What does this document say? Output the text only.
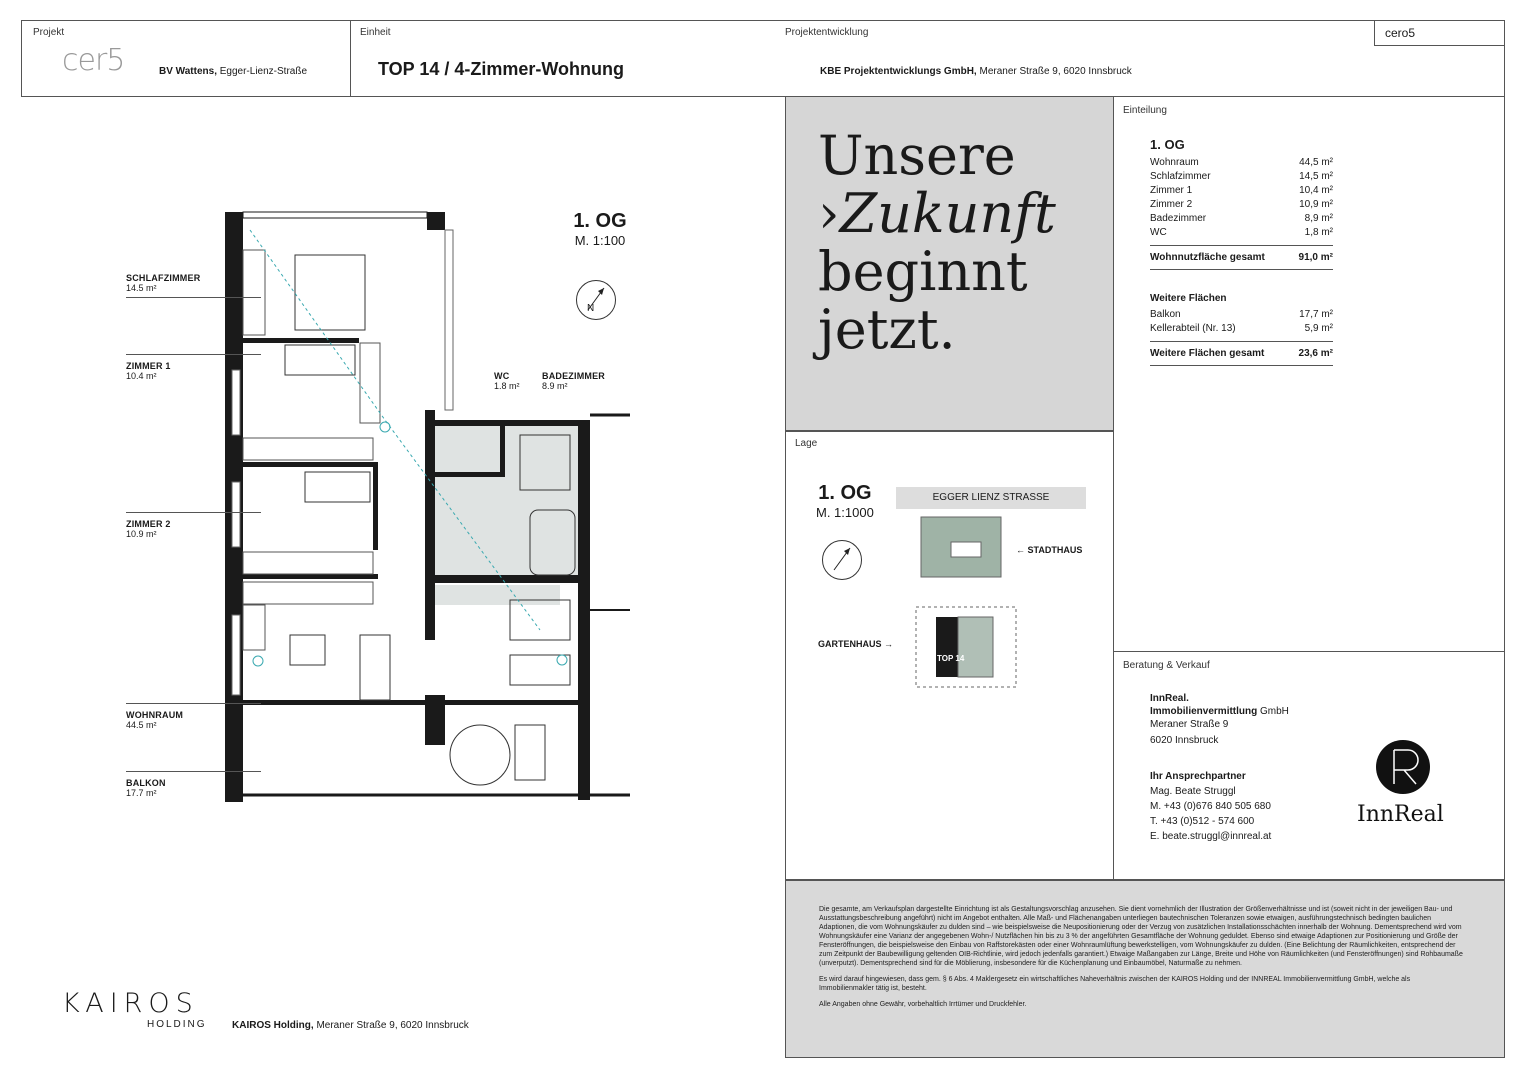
Projekt
cer5	BV Wattens, Egger-Lienz-Straße
Einheit
TOP 14 / 4-Zimmer-Wohnung
Projektentwicklung
KBE Projektentwicklungs GmbH, Meraner Straße 9, 6020 Innsbruck
cero5
1. OG
M. 1:100
N
SCHLAFZIMMER
14.5 m²
ZIMMER 1
10.4 m²
ZIMMER 2
10.9 m²
WOHNRAUM
44.5 m²
BALKON
17.7 m²
WC
1.8 m²
BADEZIMMER
8.9 m²
Unsere
›Zukunft
beginnt
jetzt.
Lage
1. OG
M. 1:1000
EGGER LIENZ STRASSE
TOP 14
← STADTHAUS
GARTENHAUS →
Einteilung
1. OG
Wohnraum	44,5 m²
Schlafzimmer	14,5 m²
Zimmer 1	10,4 m²
Zimmer 2	10,9 m²
Badezimmer	8,9 m²
WC	1,8 m²
Wohnnutzfläche gesamt	91,0 m²
Weitere Flächen
Balkon	17,7 m²
Kellerabteil (Nr. 13)	5,9 m²
Weitere Flächen gesamt	23,6 m²
Beratung & Verkauf
InnReal.
Immobilienvermittlung GmbH
Meraner Straße 9
6020 Innsbruck
Ihr Ansprechpartner
Mag. Beate Struggl
M. +43 (0)676 840 505 680
T. +43 (0)512 - 574 600
E. beate.struggl@innreal.at
InnReal

Die gesamte, am Verkaufsplan dargestellte Einrichtung ist als Gestaltungsvorschlag anzusehen. Sie dient vornehmlich der Illustration der Größenverhältnisse und ist (soweit nicht in der jeweiligen Bau- und Ausstattungsbeschreibung angeführt) nicht im Angebot enthalten. Alle Maß- und Flächenangaben unterliegen bautechnischen Toleranzen sowie etwaigen, ausführungstechnisch bedingten baulichen Adaptionen, die vom Wohnungskäufer zu dulden sind – wie beispielsweise die Neupositionierung oder der Verzug von zusätzlichen Installationsschächten innerhalb der Wohnung. Dementsprechend wird vom Wohnungskäufer eine Varianz der angegebenen Wohn-/ Nutzflächen hin bis zu 3 % der angeführten Gesamtfläche der Wohnung geduldet. Ebenso sind etwaige Adaptionen zur Positionierung und Größe der Fensteröffnungen, die beispielsweise den Einbau von Raffstorekästen oder einer Wohnraumlüftung bewerkstelligen, vom Wohnungskäufer zu dulden. (Eine Belichtung der Räumlichkeiten, entsprechend der zum Zeitpunkt der Baubewilligung geltenden OIB-Richtlinie, wird jedoch jedenfalls garantiert.) Etwaige Maßangaben zur Länge, Breite und Höhe von Räumlichkeiten (und Fensteröffnungen) sind Rohbaumaße (unverputzt). Dementsprechend sind für die Möblierung, insbesondere für die Küchenplanung und Einbaumöbel, Naturmaße zu nehmen.

Es wird darauf hingewiesen, dass gem. § 6 Abs. 4 Maklergesetz ein wirtschaftliches Naheverhältnis zwischen der KAIROS Holding und der INNREAL Immobilienvermittlung GmbH, welche als Immobilienmakler tätig ist, besteht.

Alle Angaben ohne Gewähr, vorbehaltlich Irrtümer und Druckfehler.

KAIROS
HOLDING	KAIROS Holding, Meraner Straße 9, 6020 Innsbruck
